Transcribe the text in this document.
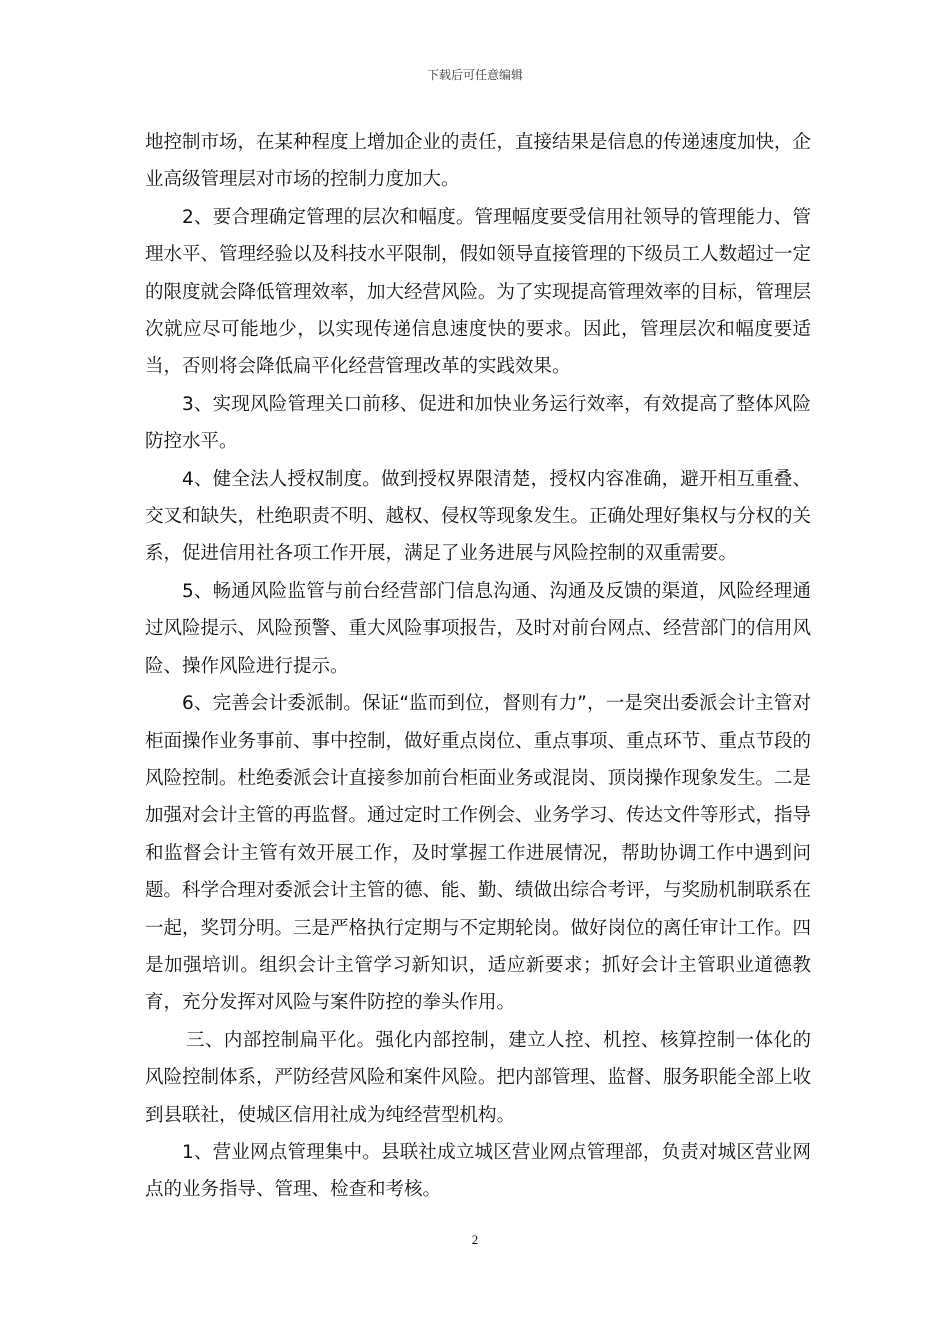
下载后可任意编辑

地控制市场，在某种程度上增加企业的责任，直接结果是信息的传递速度加快，企业高级管理层对市场的控制力度加大。

2、要合理确定管理的层次和幅度。管理幅度要受信用社领导的管理能力、管理水平、管理经验以及科技水平限制，假如领导直接管理的下级员工人数超过一定的限度就会降低管理效率，加大经营风险。为了实现提高管理效率的目标，管理层次就应尽可能地少，以实现传递信息速度快的要求。因此，管理层次和幅度要适当，否则将会降低扁平化经营管理改革的实践效果。

3、实现风险管理关口前移、促进和加快业务运行效率，有效提高了整体风险防控水平。

4、健全法人授权制度。做到授权界限清楚，授权内容准确，避开相互重叠、交叉和缺失，杜绝职责不明、越权、侵权等现象发生。正确处理好集权与分权的关系，促进信用社各项工作开展，满足了业务进展与风险控制的双重需要。

5、畅通风险监管与前台经营部门信息沟通、沟通及反馈的渠道，风险经理通过风险提示、风险预警、重大风险事项报告，及时对前台网点、经营部门的信用风险、操作风险进行提示。

6、完善会计委派制。保证“监而到位，督则有力”，一是突出委派会计主管对柜面操作业务事前、事中控制，做好重点岗位、重点事项、重点环节、重点节段的风险控制。杜绝委派会计直接参加前台柜面业务或混岗、顶岗操作现象发生。二是加强对会计主管的再监督。通过定时工作例会、业务学习、传达文件等形式，指导和监督会计主管有效开展工作，及时掌握工作进展情况，帮助协调工作中遇到问题。科学合理对委派会计主管的德、能、勤、绩做出综合考评，与奖励机制联系在一起，奖罚分明。三是严格执行定期与不定期轮岗。做好岗位的离任审计工作。四是加强培训。组织会计主管学习新知识，适应新要求；抓好会计主管职业道德教育，充分发挥对风险与案件防控的拳头作用。

三、内部控制扁平化。强化内部控制，建立人控、机控、核算控制一体化的风险控制体系，严防经营风险和案件风险。把内部管理、监督、服务职能全部上收到县联社，使城区信用社成为纯经营型机构。

1、营业网点管理集中。县联社成立城区营业网点管理部，负责对城区营业网点的业务指导、管理、检查和考核。

2
